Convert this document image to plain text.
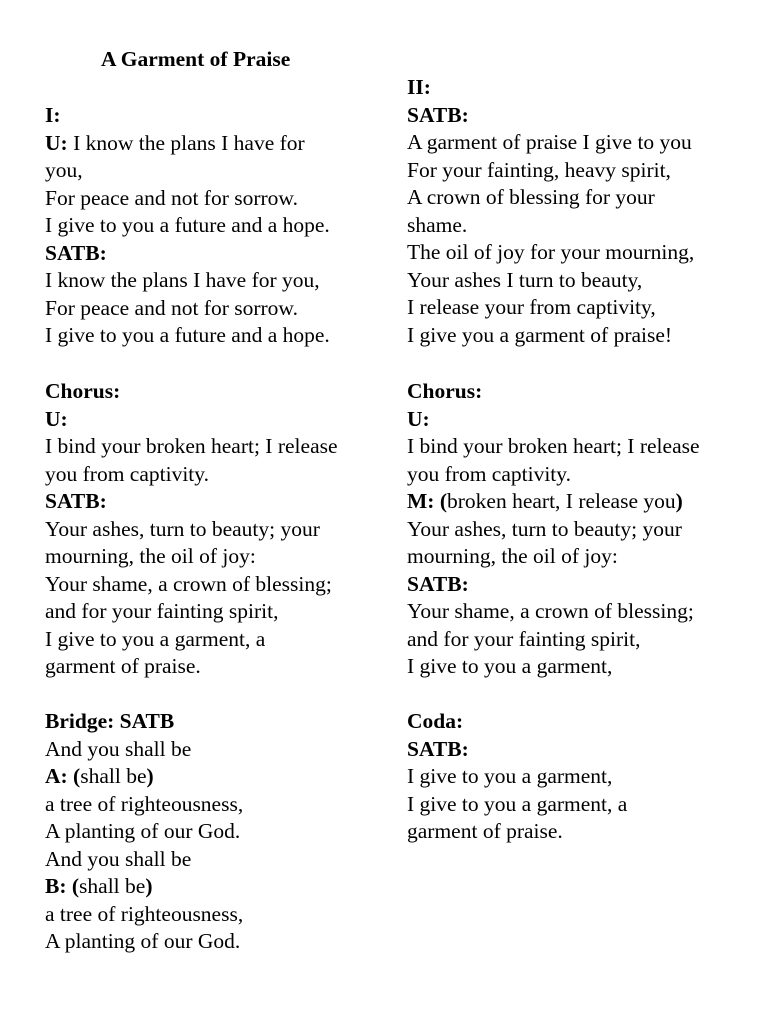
A Garment of Praise
I:
U: I know the plans I have for
you,
For peace and not for sorrow.
I give to you a future and a hope.
SATB:
I know the plans I have for you,
For peace and not for sorrow.
I give to you a future and a hope.
Chorus:
U:
I bind your broken heart; I release
you from captivity.
SATB:
Your ashes, turn to beauty; your
mourning, the oil of joy:
Your shame, a crown of blessing;
and for your fainting spirit,
I give to you a garment, a
garment of praise.
Bridge: SATB
And you shall be
A: (shall be)
a tree of righteousness,
A planting of our God.
And you shall be
B: (shall be)
a tree of righteousness,
A planting of our God.
II:
SATB:
A garment of praise I give to you
For your fainting, heavy spirit,
A crown of blessing for your
shame.
The oil of joy for your mourning,
Your ashes I turn to beauty,
I release your from captivity,
I give you a garment of praise!
Chorus:
U:
I bind your broken heart; I release
you from captivity.
M: (broken heart, I release you)
Your ashes, turn to beauty; your
mourning, the oil of joy:
SATB:
Your shame, a crown of blessing;
and for your fainting spirit,
I give to you a garment,
Coda:
SATB:
I give to you a garment,
I give to you a garment, a
garment of praise.
